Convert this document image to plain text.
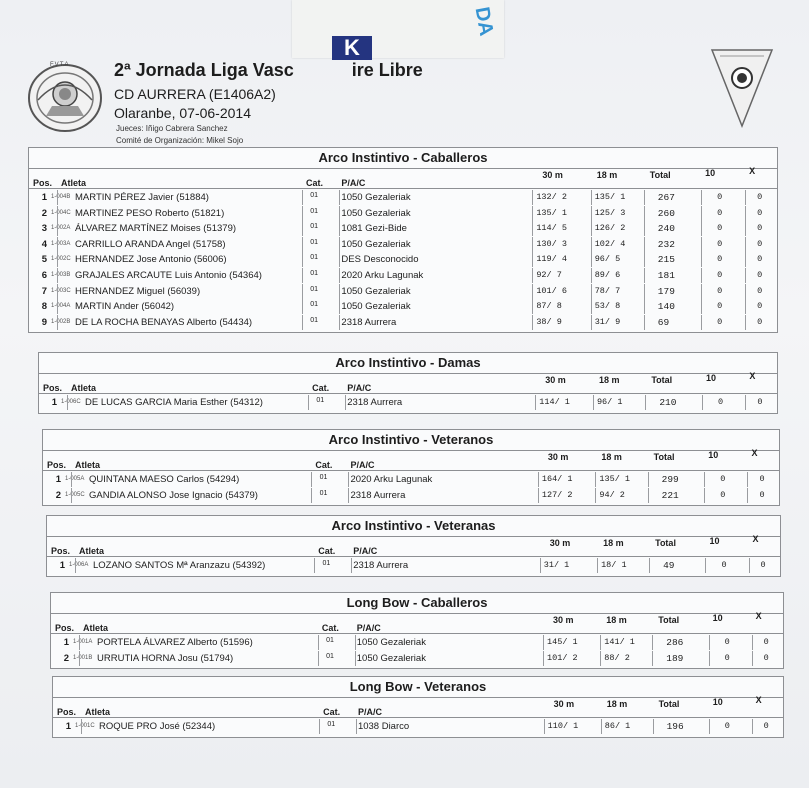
K
DA
F.V.T.A. 2ª Jornada Liga Vasc	ire Libre
CD AURRERA (E1406A2)
Olaranbe, 07-06-2014
Jueces: Iñigo Cabrera Sanchez
Comité de Organización: Mikel Sojo
Arco Instintivo - Caballeros
Pos. Atleta	Cat. P/A/C
30 m	18 m	Total	10	X
1 1-004B MARTIN PÉREZ Javier (51884)	01 1050 Gezaleriak	132/ 2	135/ 1	267	0	0
2 1-004C MARTINEZ PESO Roberto (51821)	01 1050 Gezaleriak	135/ 1	125/ 3	260	0	0
3 1-002A ÁLVAREZ MARTÍNEZ Moises (51379)	01 1081 Gezi-Bide	114/ 5	126/ 2	240	0	0
4 1-003A CARRILLO ARANDA Angel (51758)	01 1050 Gezaleriak	130/ 3	102/ 4	232	0	0
5 1-002C HERNANDEZ Jose Antonio (56006)	01 DES Desconocido	119/ 4	96/ 5	215	0	0
6 1-003B GRAJALES ARCAUTE Luis Antonio (54364)	01 2020 Arku Lagunak	92/ 7	89/ 6	181	0	0
7 1-003C HERNANDEZ Miguel (56039)	01 1050 Gezaleriak	101/ 6	78/ 7	179	0	0
8 1-004A MARTIN Ander (56042)	01 1050 Gezaleriak	87/ 8	53/ 8	140	0	0
9 1-002B DE LA ROCHA BENAYAS Alberto (54434)	01 2318 Aurrera	38/ 9	31/ 9	69	0	0
Arco Instintivo - Damas
Pos. Atleta	Cat. P/A/C
30 m	18 m	Total	10	X
1 1-006C DE LUCAS GARCIA Maria Esther (54312)	01 2318 Aurrera	114/ 1	96/ 1	210	0	0
Arco Instintivo - Veteranos
Pos. Atleta	Cat. P/A/C
30 m	18 m	Total	10	X
1 1-005A QUINTANA MAESO Carlos (54294)	01 2020 Arku Lagunak	164/ 1	135/ 1	299	0	0
2 1-005C GANDIA ALONSO Jose Ignacio (54379)	01 2318 Aurrera	127/ 2	94/ 2	221	0	0
Arco Instintivo - Veteranas
Pos. Atleta	Cat. P/A/C
30 m	18 m	Total	10	X
1 1-006A LOZANO SANTOS Mª Aranzazu (54392)	01 2318 Aurrera	31/ 1	18/ 1	49	0	0
Long Bow - Caballeros
Pos. Atleta	Cat. P/A/C
30 m	18 m	Total	10	X
1 1-001A PORTELA ÁLVAREZ Alberto (51596)	01 1050 Gezaleriak	145/ 1	141/ 1	286	0	0
2 1-001B URRUTIA HORNA Josu (51794)	01 1050 Gezaleriak	101/ 2	88/ 2	189	0	0
Long Bow - Veteranos
Pos. Atleta	Cat. P/A/C
30 m	18 m	Total	10	X
1 1-001C ROQUE PRO José (52344)	01 1038 Diarco	110/ 1	86/ 1	196	0	0
